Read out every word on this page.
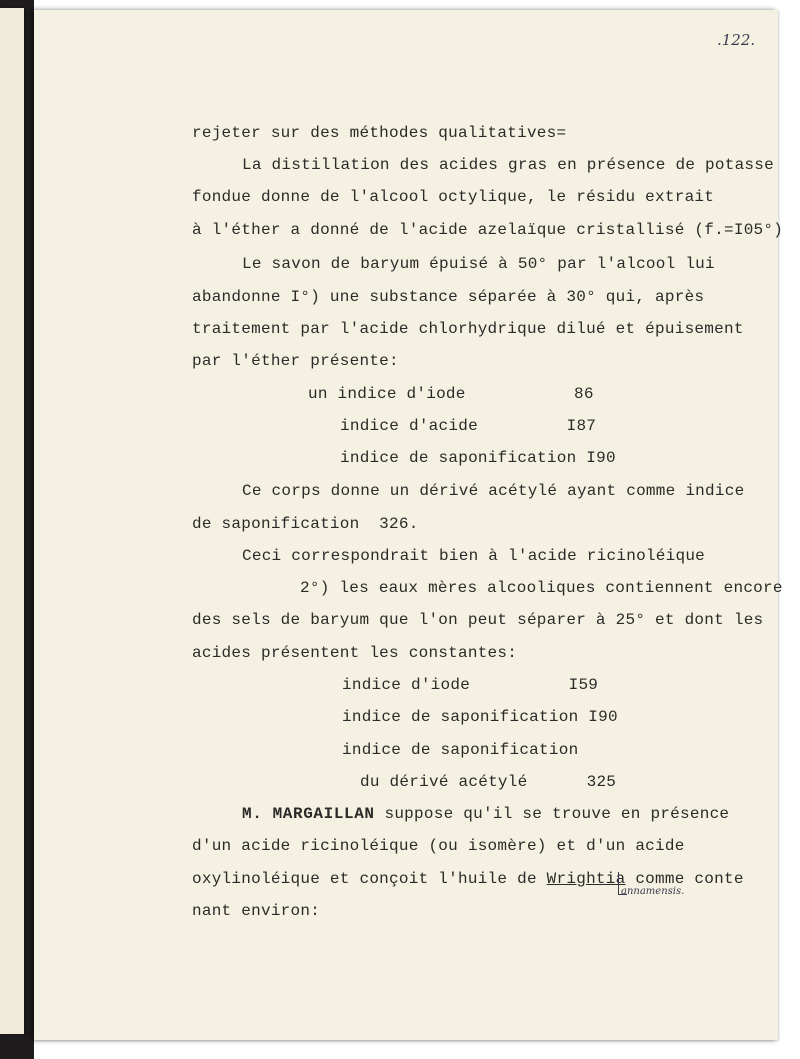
.122.
rejeter sur des méthodes qualitatives=
La distillation des acides gras en présence de potasse
fondue donne de l'alcool octylique, le résidu extrait
à l'éther a donné de l'acide azelaïque cristallisé (f.=I05°)
Le savon de baryum épuisé à 50° par l'alcool lui
abandonne I°) une substance séparée à 30° qui, après
traitement par l'acide chlorhydrique dilué et épuisement
par l'éther présente:
un indice d'iode           86
indice d'acide         I87
indice de saponification I90
Ce corps donne un dérivé acétylé ayant comme indice
de saponification  326.
Ceci correspondrait bien à l'acide ricinoléique
2°) les eaux mères alcooliques contiennent encore
des sels de baryum que l'on peut séparer à 25° et dont les
acides présentent les constantes:
indice d'iode          I59
indice de saponification I90
indice de saponification
du dérivé acétylé      325
M. MARGAILLAN suppose qu'il se trouve en présence
d'un acide ricinoléique (ou isomère) et d'un acide
oxylinoléique et conçoit l'huile de Wrightia comme conte
nant environ:
annamensis.
